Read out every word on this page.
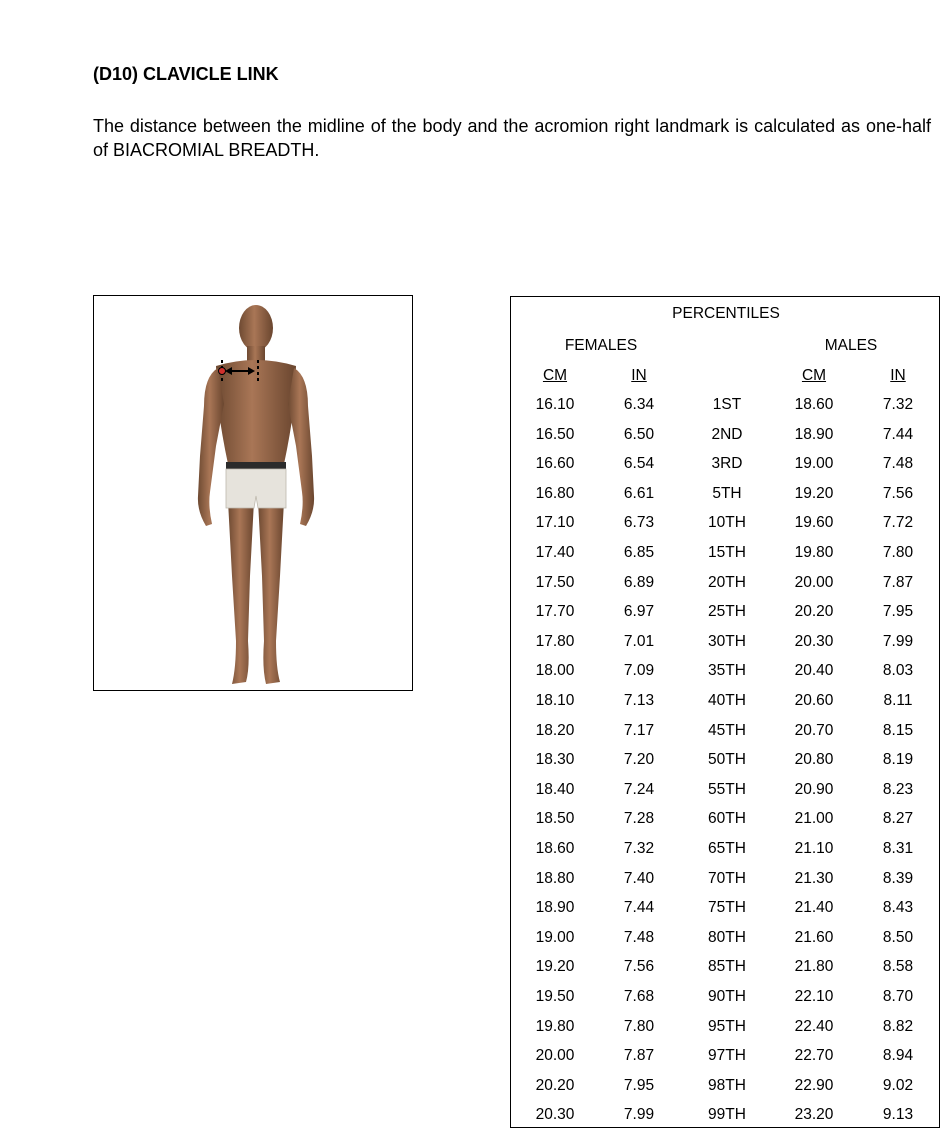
(D10) CLAVICLE LINK

The distance between the midline of the body and the acromion right landmark is calculated as one-half of BIACROMIAL BREADTH.

PERCENTILES
FEMALES	MALES
CM	IN	CM	IN
16.10	6.34	1ST	18.60	7.32
16.50	6.50	2ND	18.90	7.44
16.60	6.54	3RD	19.00	7.48
16.80	6.61	5TH	19.20	7.56
17.10	6.73	10TH	19.60	7.72
17.40	6.85	15TH	19.80	7.80
17.50	6.89	20TH	20.00	7.87
17.70	6.97	25TH	20.20	7.95
17.80	7.01	30TH	20.30	7.99
18.00	7.09	35TH	20.40	8.03
18.10	7.13	40TH	20.60	8.11
18.20	7.17	45TH	20.70	8.15
18.30	7.20	50TH	20.80	8.19
18.40	7.24	55TH	20.90	8.23
18.50	7.28	60TH	21.00	8.27
18.60	7.32	65TH	21.10	8.31
18.80	7.40	70TH	21.30	8.39
18.90	7.44	75TH	21.40	8.43
19.00	7.48	80TH	21.60	8.50
19.20	7.56	85TH	21.80	8.58
19.50	7.68	90TH	22.10	8.70
19.80	7.80	95TH	22.40	8.82
20.00	7.87	97TH	22.70	8.94
20.20	7.95	98TH	22.90	9.02
20.30	7.99	99TH	23.20	9.13
